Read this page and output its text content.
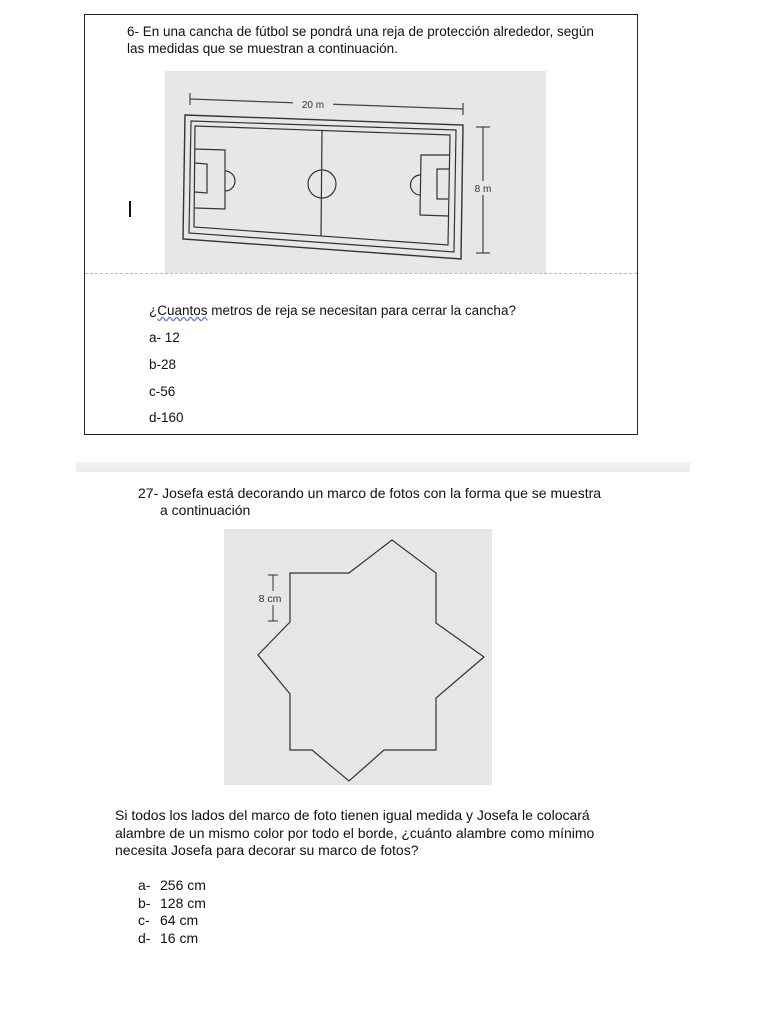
6- En una cancha de fútbol se pondrá una reja de protección alrededor, según
las medidas que se muestran a continuación.
20 m
8 m
¿Cuantos metros de reja se necesitan para cerrar la cancha?
a- 12
b-28
c-56
d-160
27- Josefa está decorando un marco de fotos con la forma que se muestra
a continuación
8 cm
Si todos los lados del marco de foto tienen igual medida y Josefa le colocará
alambre de un mismo color por todo el borde, ¿cuánto alambre como mínimo
necesita Josefa para decorar su marco de fotos?
a- 256 cm
b- 128 cm
c- 64 cm
d- 16 cm
